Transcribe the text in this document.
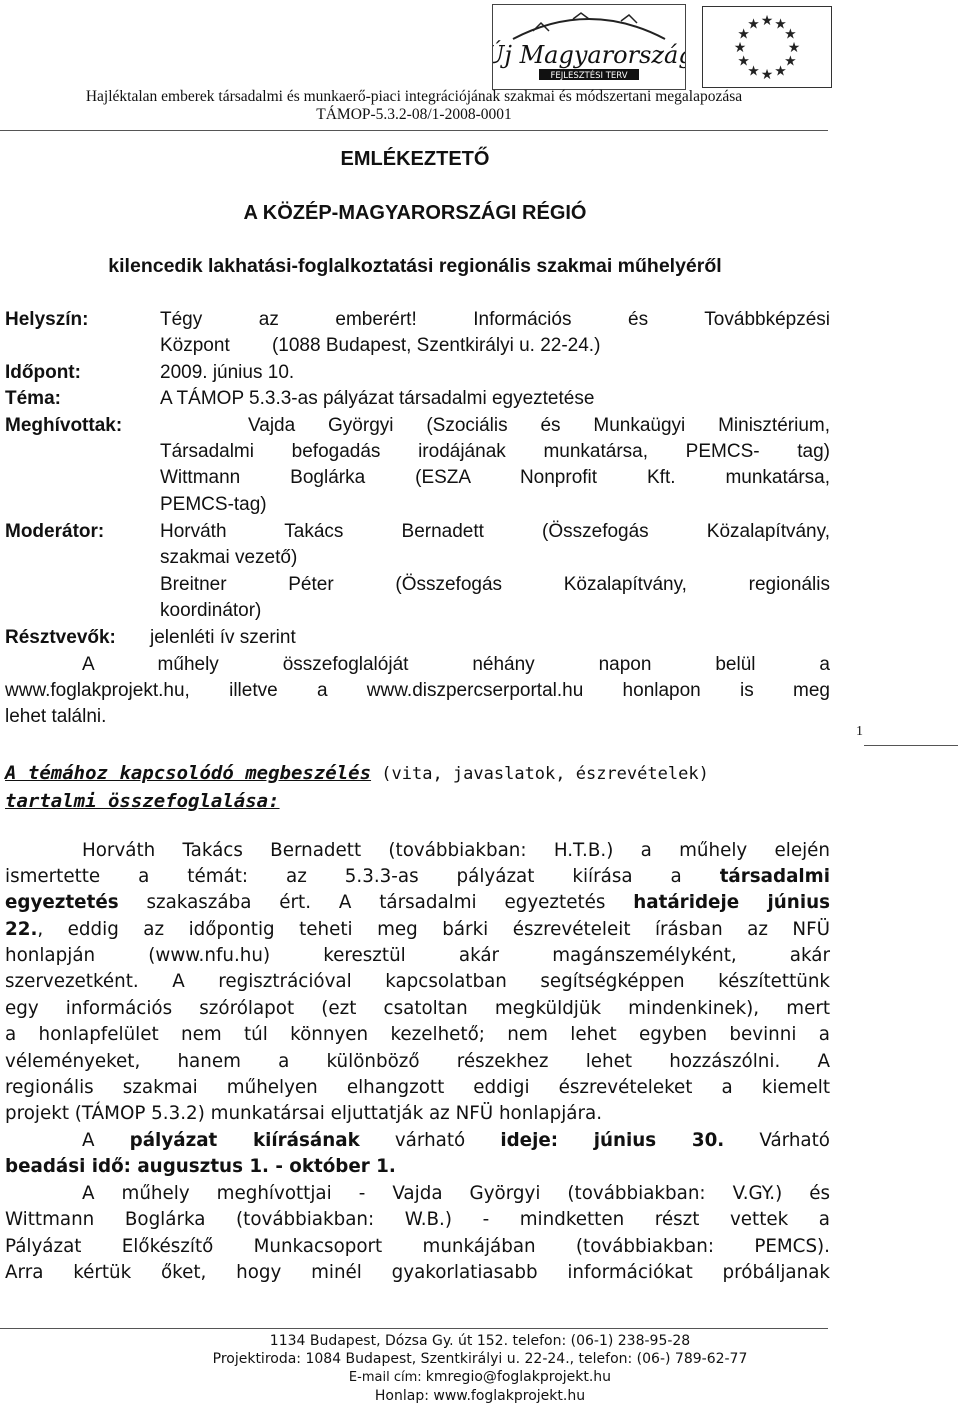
Új Magyarország
FEJLESZTÉSI TERV
★ ★
★
★
★
★
★
★
★
★
★
★
Hajléktalan emberek társadalmi és munkaerő-piaci integrációjának szakmai és módszertani megalapozása
TÁMOP-5.3.2-08/1-2008-0001
EMLÉKEZTETŐ
A KÖZÉP-MAGYARORSZÁGI RÉGIÓ
kilencedik lakhatási-foglalkoztatási regionális szakmai műhelyéről
Helyszín:	Tégy az emberért! Információs és Továbbképzési
Központ        (1088 Budapest, Szentkirályi u. 22-24.)
Időpont:	2009. június 10.
Téma:	A TÁMOP 5.3.3-as pályázat társadalmi egyeztetése
Meghívottak:	Vajda Györgyi (Szociális és Munkaügyi Minisztérium,
Társadalmi befogadás irodájának munkatársa, PEMCS- tag)
Wittmann Boglárka (ESZA Nonprofit Kft. munkatársa,
PEMCS-tag)
Moderátor:	Horváth Takács Bernadett (Összefogás Közalapítvány,
szakmai vezető)
Breitner Péter (Összefogás Közalapítvány, regionális
koordinátor)
Résztvevők: jelenléti ív szerint
A műhely összefoglalóját néhány napon belül a
www.foglakprojekt.hu, illetve a www.diszpercserportal.hu honlapon is meg
lehet találni.
1
A témához kapcsolódó megbeszélés (vita, javaslatok, észrevételek)
tartalmi összefoglalása:
Horváth Takács Bernadett (továbbiakban: H.T.B.) a műhely elején
ismertette a témát: az 5.3.3-as pályázat kiírása a társadalmi
egyeztetés szakaszába ért. A társadalmi egyeztetés határideje június
22., eddig az időpontig teheti meg bárki észrevételeit írásban az NFÜ
honlapján (www.nfu.hu) keresztül akár magánszemélyként, akár
szervezetként. A regisztrációval kapcsolatban segítségképpen készítettünk
egy információs szórólapot (ezt csatoltan megküldjük mindenkinek), mert
a honlapfelület nem túl könnyen kezelhető; nem lehet egyben bevinni a
véleményeket, hanem a különböző részekhez lehet hozzászólni. A
regionális szakmai műhelyen elhangzott eddigi észrevételeket a kiemelt
projekt (TÁMOP 5.3.2) munkatársai eljuttatják az NFÜ honlapjára.
A pályázat kiírásának várható ideje: június 30. Várható
beadási idő: augusztus 1. - október 1.
A műhely meghívottjai - Vajda Györgyi (továbbiakban: V.GY.) és
Wittmann Boglárka (továbbiakban: W.B.) - mindketten részt vettek a
Pályázat Előkészítő Munkacsoport munkájában (továbbiakban: PEMCS).
Arra kértük őket, hogy minél gyakorlatiasabb információkat próbáljanak
1134 Budapest, Dózsa Gy. út 152. telefon: (06-1) 238-95-28
Projektiroda: 1084 Budapest, Szentkirályi u. 22-24., telefon: (06-) 789-62-77
E-mail cím: kmregio@foglakprojekt.hu
Honlap: www.foglakprojekt.hu
